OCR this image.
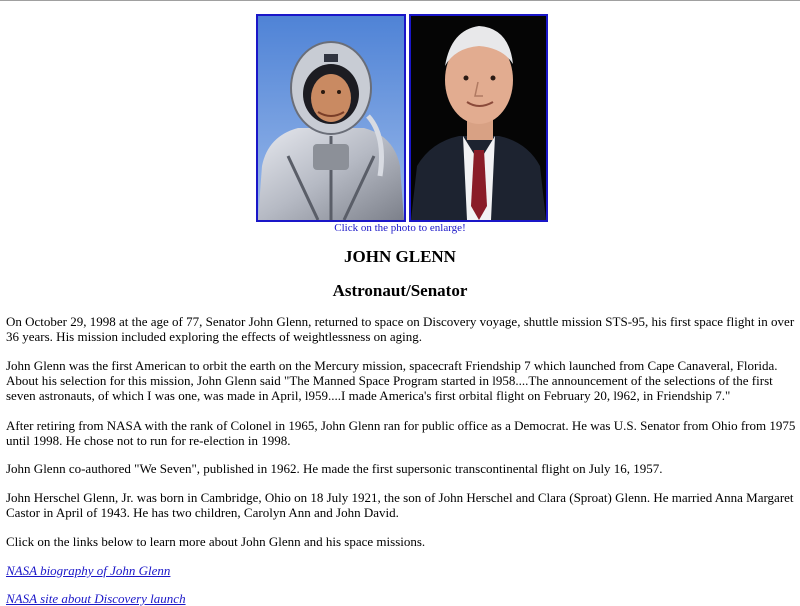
Click on the photo to enlarge!
JOHN GLENN
Astronaut/Senator

On October 29, 1998 at the age of 77, Senator John Glenn, returned to space on Discovery voyage, shuttle mission STS-95, his first space flight in over 36 years. His mission included exploring the effects of weightlessness on aging.

John Glenn was the first American to orbit the earth on the Mercury mission, spacecraft Friendship 7 which launched from Cape Canaveral, Florida. About his selection for this mission, John Glenn said "The Manned Space Program started in l958....The announcement of the selections of the first seven astronauts, of which I was one, was made in April, l959....I made America's first orbital flight on February 20, l962, in Friendship 7."

After retiring from NASA with the rank of Colonel in 1965, John Glenn ran for public office as a Democrat. He was U.S. Senator from Ohio from 1975 until 1998. He chose not to run for re-election in 1998.

John Glenn co-authored "We Seven", published in 1962. He made the first supersonic transcontinental flight on July 16, 1957.

John Herschel Glenn, Jr. was born in Cambridge, Ohio on 18 July 1921, the son of John Herschel and Clara (Sproat) Glenn. He married Anna Margaret Castor in April of 1943. He has two children, Carolyn Ann and John David.

Click on the links below to learn more about John Glenn and his space missions.

NASA biography of John Glenn
NASA site about Discovery launch
